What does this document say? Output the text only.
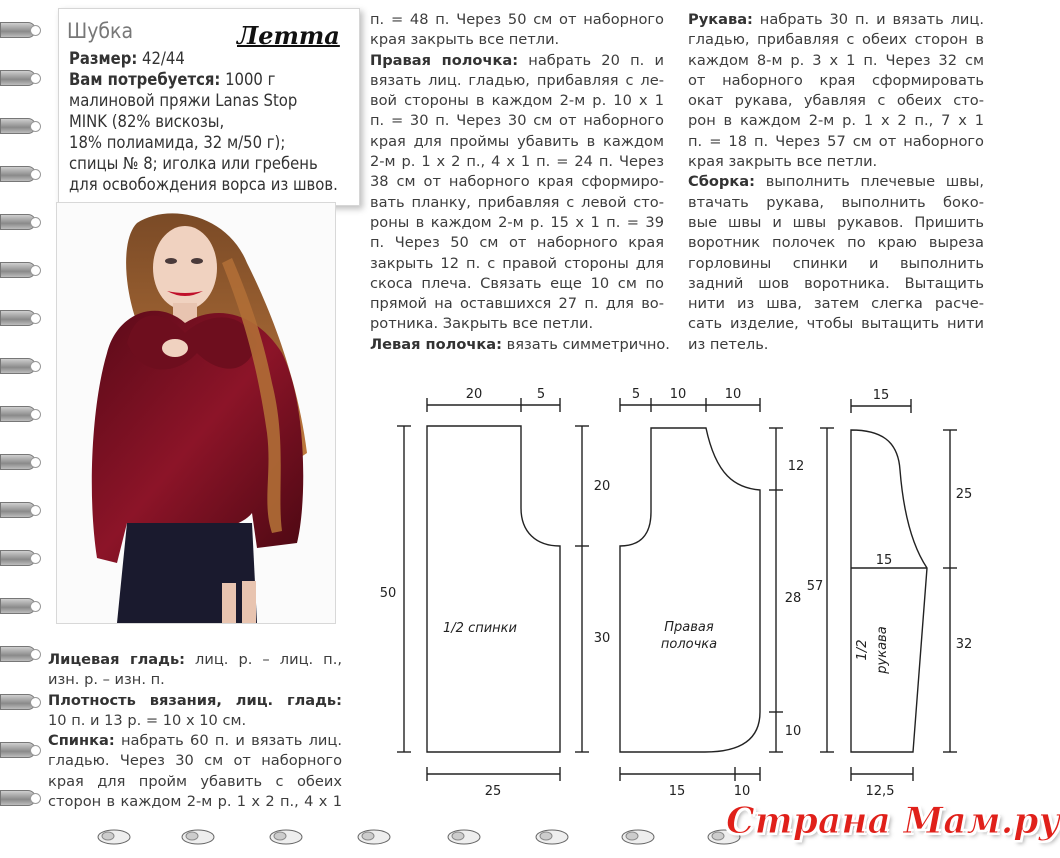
Шубка	Летта
Размер: 42/44
Вам потребуется: 1000 г
малиновой пряжи Lanas Stop
MINK (82% вискозы,
18% полиамида, 32 м/50 г);
спицы № 8; иголка или гребень
для освобождения ворса из швов.
Лицевая гладь: лиц. р. – лиц. п.,
изн. р. – изн. п.
Плотность вязания, лиц. гладь:
10 п. и 13 р. = 10 х 10 см.
Спинка: набрать 60 п. и вязать лиц.
гладью. Через 30 см от наборного
края для пройм убавить с обеих
сторон в каждом 2-м р. 1 х 2 п., 4 х 1
п. = 48 п. Через 50 см от наборного
края закрыть все петли.
Правая полочка: набрать 20 п. и
вязать лиц. гладью, прибавляя с ле-
вой стороны в каждом 2-м р. 10 х 1
п. = 30 п. Через 30 см от наборного
края для проймы убавить в каждом
2-м р. 1 х 2 п., 4 х 1 п. = 24 п. Через
38 см от наборного края сформиро-
вать планку, прибавляя с левой сто-
роны в каждом 2-м р. 15 х 1 п. = 39
п. Через 50 см от наборного края
закрыть 12 п. с правой стороны для
скоса плеча. Связать еще 10 см по
прямой на оставшихся 27 п. для во-
ротника. Закрыть все петли.
Левая полочка: вязать симметрично.
Рукава: набрать 30 п. и вязать лиц.
гладью, прибавляя с обеих сторон в
каждом 8-м р. 3 х 1 п. Через 32 см
от наборного края сформировать
окат рукава, убавляя с обеих сто-
рон в каждом 2-м р. 1 х 2 п., 7 х 1
п. = 18 п. Через 57 см от наборного
края закрыть все петли.
Сборка: выполнить плечевые швы,
втачать рукава, выполнить боко-
вые швы и швы рукавов. Пришить
воротник полочек по краю выреза
горловины спинки и выполнить
задний шов воротника. Вытащить
нити из шва, затем слегка расче-
сать изделие, чтобы вытащить нити
из петель.
20	5
50
20
30
25
1/2 спинки
5 10	10
12
28
10
57
15	10
Правая
полочка
15
15
25
32
12,5
1/2 рукава
Страна Мам.ру
